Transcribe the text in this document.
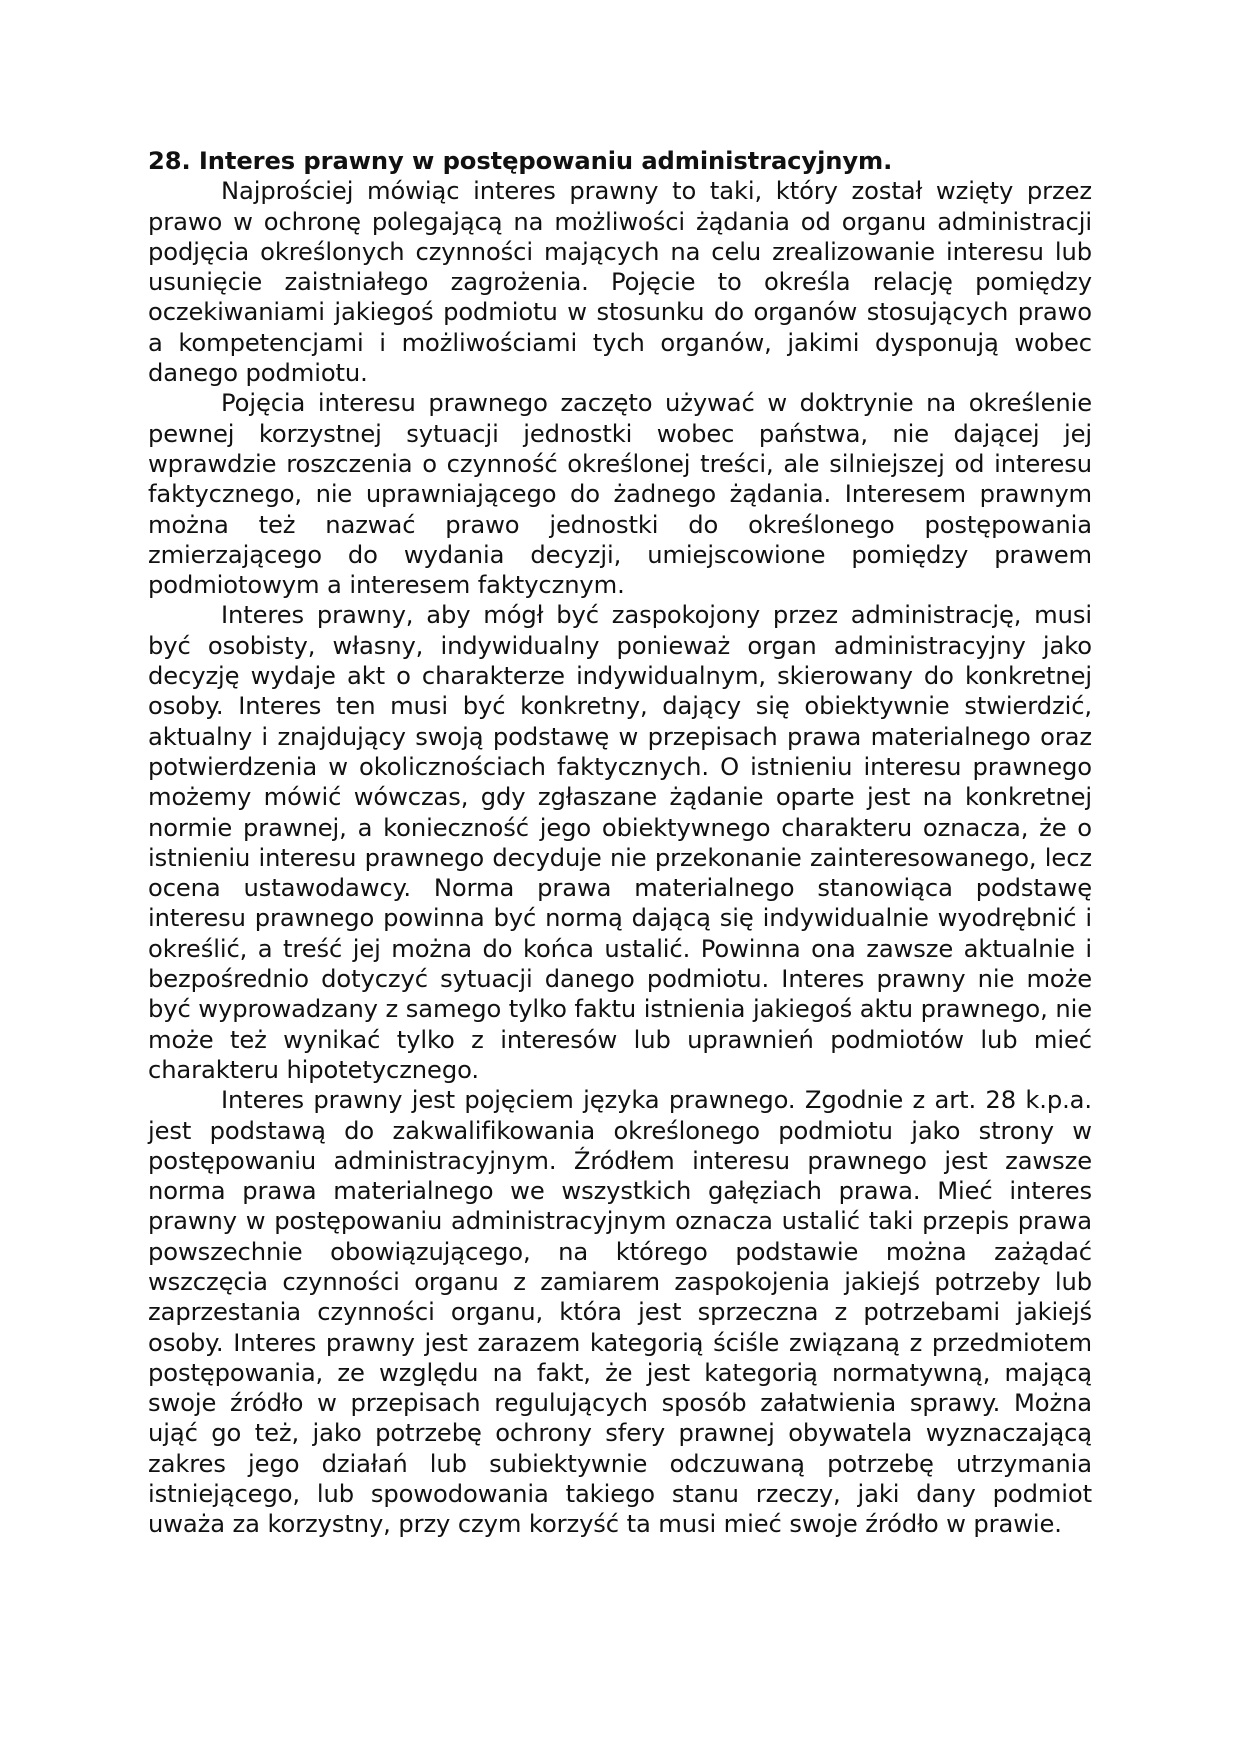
28. Interes prawny w postępowaniu administracyjnym.

Najprościej mówiąc interes prawny to taki, który został wzięty przez prawo w ochronę polegającą na możliwości żądania od organu administracji podjęcia określonych czynności mających na celu zrealizowanie interesu lub usunięcie zaistniałego zagrożenia. Pojęcie to określa relację pomiędzy oczekiwaniami jakiegoś podmiotu w stosunku do organów stosujących prawo a kompetencjami i możliwościami tych organów, jakimi dysponują wobec danego podmiotu.

Pojęcia interesu prawnego zaczęto używać w doktrynie na określenie pewnej korzystnej sytuacji jednostki wobec państwa, nie dającej jej wprawdzie roszczenia o czynność określonej treści, ale silniejszej od interesu faktycznego, nie uprawniającego do żadnego żądania. Interesem prawnym można też nazwać prawo jednostki do określonego postępowania zmierzającego do wydania decyzji, umiejscowione pomiędzy prawem podmiotowym a interesem faktycznym.

Interes prawny, aby mógł być zaspokojony przez administrację, musi być osobisty, własny, indywidualny ponieważ organ administracyjny jako decyzję wydaje akt o charakterze indywidualnym, skierowany do konkretnej osoby. Interes ten musi być konkretny, dający się obiektywnie stwierdzić, aktualny i znajdujący swoją podstawę w przepisach prawa materialnego oraz potwierdzenia w okolicznościach faktycznych. O istnieniu interesu prawnego możemy mówić wówczas, gdy zgłaszane żądanie oparte jest na konkretnej normie prawnej, a konieczność jego obiektywnego charakteru oznacza, że o istnieniu interesu prawnego decyduje nie przekonanie zainteresowanego, lecz ocena ustawodawcy. Norma prawa materialnego stanowiąca podstawę interesu prawnego powinna być normą dającą się indywidualnie wyodrębnić i określić, a treść jej można do końca ustalić. Powinna ona zawsze aktualnie i bezpośrednio dotyczyć sytuacji danego podmiotu. Interes prawny nie może być wyprowadzany z samego tylko faktu istnienia jakiegoś aktu prawnego, nie może też wynikać tylko z interesów lub uprawnień podmiotów lub mieć charakteru hipotetycznego.

Interes prawny jest pojęciem języka prawnego. Zgodnie z art. 28 k.p.a. jest podstawą do zakwalifikowania określonego podmiotu jako strony w postępowaniu administracyjnym. Źródłem interesu prawnego jest zawsze norma prawa materialnego we wszystkich gałęziach prawa. Mieć interes prawny w postępowaniu administracyjnym oznacza ustalić taki przepis prawa powszechnie obowiązującego, na którego podstawie można zażądać wszczęcia czynności organu z zamiarem zaspokojenia jakiejś potrzeby lub zaprzestania czynności organu, która jest sprzeczna z potrzebami jakiejś osoby. Interes prawny jest zarazem kategorią ściśle związaną z przedmiotem postępowania, ze względu na fakt, że jest kategorią normatywną, mającą swoje źródło w przepisach regulujących sposób załatwienia sprawy. Można ująć go też, jako potrzebę ochrony sfery prawnej obywatela wyznaczającą zakres jego działań lub subiektywnie odczuwaną potrzebę utrzymania istniejącego, lub spowodowania takiego stanu rzeczy, jaki dany podmiot uważa za korzystny, przy czym korzyść ta musi mieć swoje źródło w prawie.
